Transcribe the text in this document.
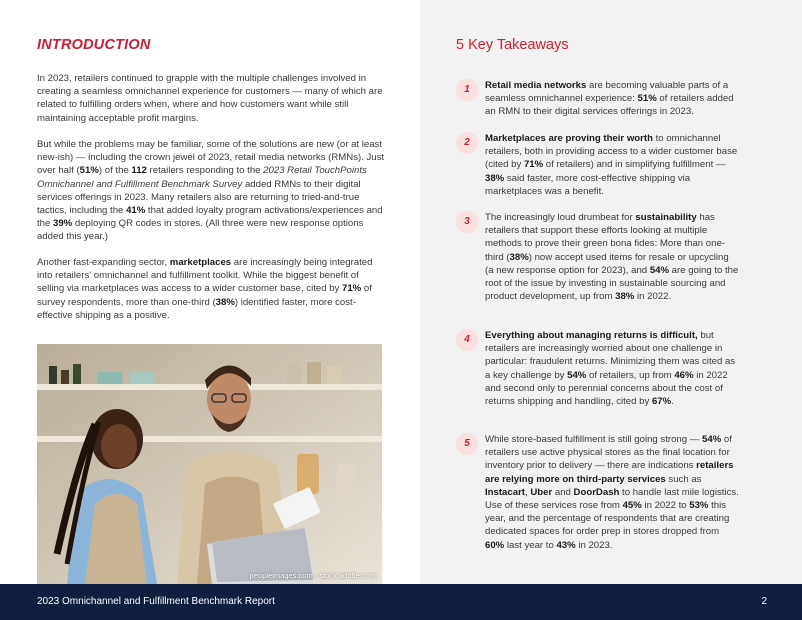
INTRODUCTION

In 2023, retailers continued to grapple with the multiple challenges involved in creating a seamless omnichannel experience for customers — many of which are related to fulfilling orders when, where and how customers want while still maintaining acceptable profit margins.

But while the problems may be familiar, some of the solutions are new (or at least new-ish) — including the crown jewel of 2023, retail media networks (RMNs). Just over half (51%) of the 112 retailers responding to the 2023 Retail TouchPoints Omnichannel and Fulfillment Benchmark Survey added RMNs to their digital services offerings in 2023. Many retailers also are returning to tried-and-true tactics, including the 41% that added loyalty program activations/experiences and the 39% deploying QR codes in stores. (All three were new response options added this year.)

Another fast-expanding sector, marketplaces are increasingly being integrated into retailers' omnichannel and fulfillment toolkit. While the biggest benefit of selling via marketplaces was access to a wider customer base, cited by 71% of survey respondents, more than one-third (38%) identified faster, more cost-effective shipping as a positive.

peopleimages.com - stock.adobe.com
5 Key Takeaways
1	Retail media networks are becoming valuable parts of a seamless omnichannel experience: 51% of retailers added an RMN to their digital services offerings in 2023.

2	Marketplaces are proving their worth to omnichannel retailers, both in providing access to a wider customer base (cited by 71% of retailers) and in simplifying fulfillment — 38% said faster, more cost-effective shipping via marketplaces was a benefit.

3	The increasingly loud drumbeat for sustainability has retailers that support these efforts looking at multiple methods to prove their green bona fides: More than one-third (38%) now accept used items for resale or upcycling (a new response option for 2023), and 54% are going to the root of the issue by investing in sustainable sourcing and product development, up from 38% in 2022.

4	Everything about managing returns is difficult, but retailers are increasingly worried about one challenge in particular: fraudulent returns. Minimizing them was cited as a key challenge by 54% of retailers, up from 46% in 2022 and second only to perennial concerns about the cost of returns shipping and handling, cited by 67%.

5	While store-based fulfillment is still going strong — 54% of retailers use active physical stores as the final location for inventory prior to delivery — there are indications retailers are relying more on third-party services such as Instacart, Uber and DoorDash to handle last mile logistics. Use of these services rose from 45% in 2022 to 53% this year, and the percentage of respondents that are creating dedicated spaces for order prep in stores dropped from 60% last year to 43% in 2023.

2023 Omnichannel and Fulfillment Benchmark Report	2
